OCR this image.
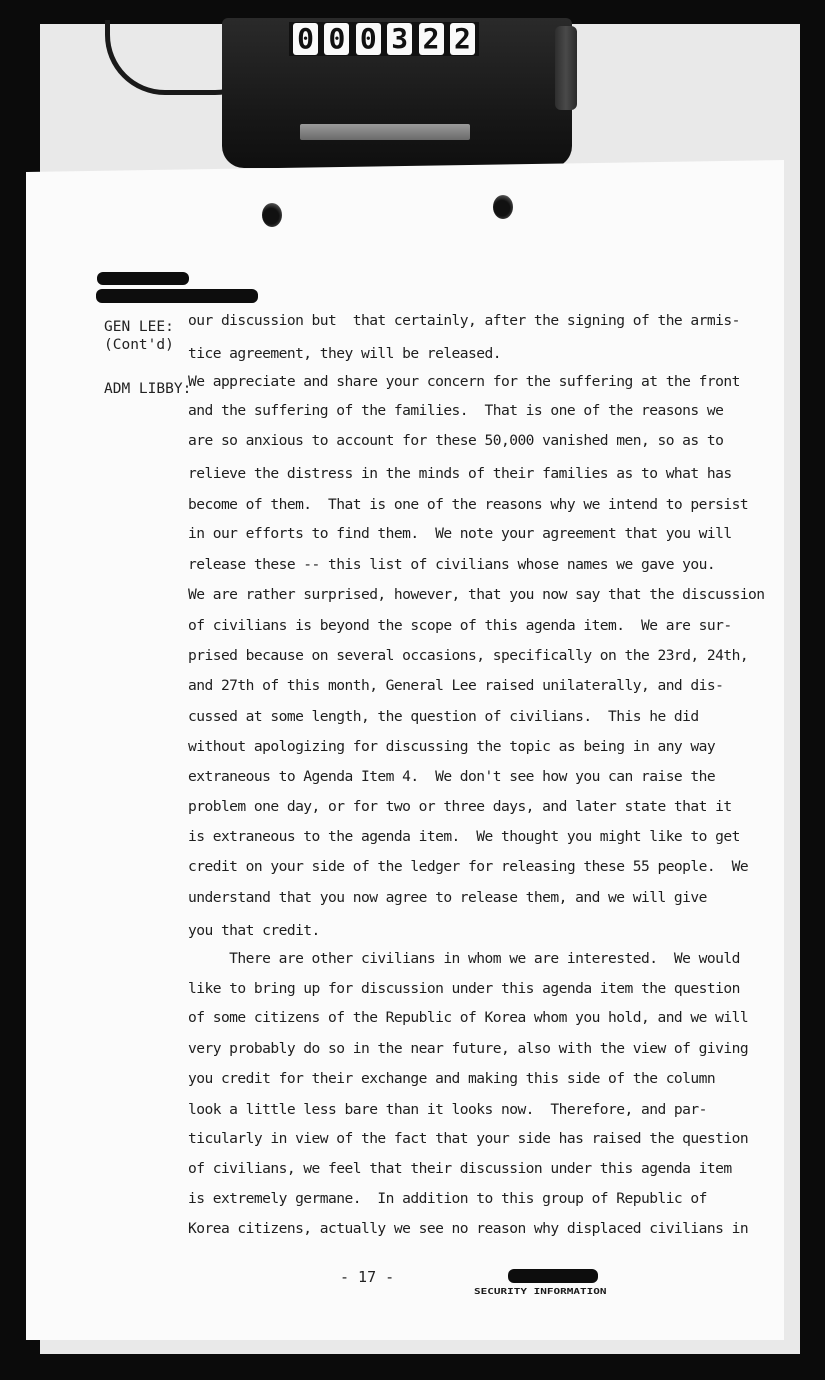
0 0 0 3 2 2
GEN LEE:
(Cont'd)
ADM LIBBY:
our discussion but  that certainly, after the signing of the armis-
tice agreement, they will be released.
We appreciate and share your concern for the suffering at the front
and the suffering of the families.  That is one of the reasons we
are so anxious to account for these 50,000 vanished men, so as to
relieve the distress in the minds of their families as to what has
become of them.  That is one of the reasons why we intend to persist
in our efforts to find them.  We note your agreement that you will
release these -- this list of civilians whose names we gave you.
We are rather surprised, however, that you now say that the discussion
of civilians is beyond the scope of this agenda item.  We are sur-
prised because on several occasions, specifically on the 23rd, 24th,
and 27th of this month, General Lee raised unilaterally, and dis-
cussed at some length, the question of civilians.  This he did
without apologizing for discussing the topic as being in any way
extraneous to Agenda Item 4.  We don't see how you can raise the
problem one day, or for two or three days, and later state that it
is extraneous to the agenda item.  We thought you might like to get
credit on your side of the ledger for releasing these 55 people.  We
understand that you now agree to release them, and we will give
you that credit.
There are other civilians in whom we are interested.  We would
like to bring up for discussion under this agenda item the question
of some citizens of the Republic of Korea whom you hold, and we will
very probably do so in the near future, also with the view of giving
you credit for their exchange and making this side of the column
look a little less bare than it looks now.  Therefore, and par-
ticularly in view of the fact that your side has raised the question
of civilians, we feel that their discussion under this agenda item
is extremely germane.  In addition to this group of Republic of
Korea citizens, actually we see no reason why displaced civilians in
- 17 -
SECURITY INFORMATION
